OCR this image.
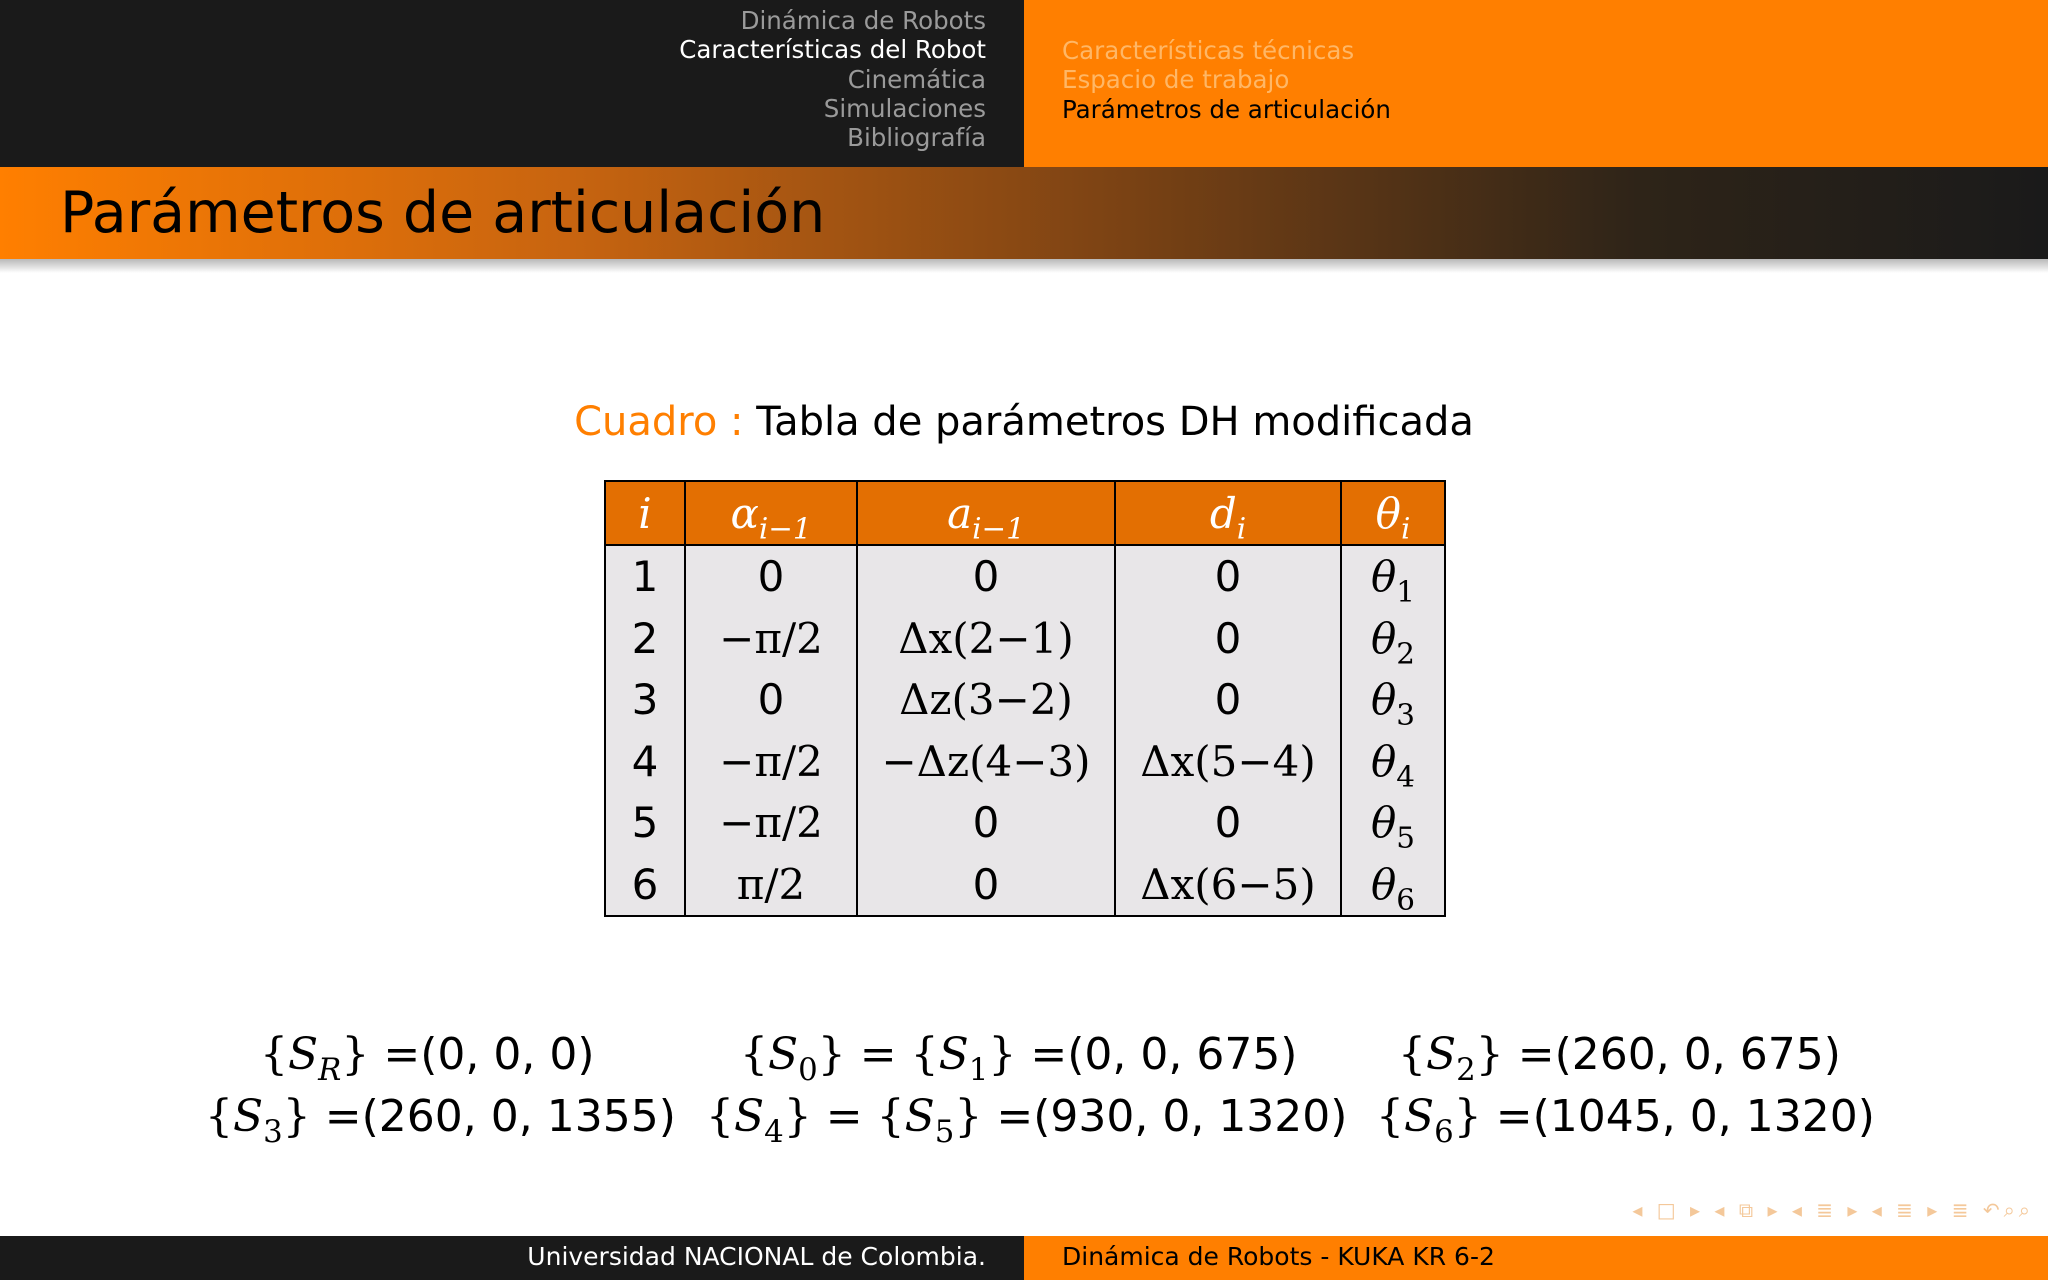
Dinámica de Robots
Características del Robot
Cinemática
Simulaciones
Bibliografía
Características técnicas
Espacio de trabajo
Parámetros de articulación
Parámetros de articulación
Cuadro : Tabla de parámetros DH modificada
i	$\alpha_{i-1}$	$a_{i-1}$	$d_i$	$\theta_i$
1	0	0	0	$\theta_1$
2	−π/2	Δx(2−1)	0	$\theta_2$
3	0	Δz(3−2)	0	$\theta_3$
4	−π/2	−Δz(4−3)	Δx(5−4)	$\theta_4$
5	−π/2	0	0	$\theta_5$
6	π/2	0	Δx(6−5)	$\theta_6$
$\{S_R\} =(0$, 0, 0)	$\{S_0\} = \{S_1\} =(0$, 0, 675) $\{S_2\} =(260$, 0, 675)
$\{S_3\} =(260$, 0, 1355) $\{S_4\} = \{S_5\} =(930$, 0, 1320) $\{S_6\} =(1045$, 0, 1320)
◂ □ ▸ ◂ ⧉ ▸ ◂ ≣ ▸ ◂ ≣ ▸ ≣ ↶⌕⌕
Universidad NACIONAL de Colombia.	Dinámica de Robots - KUKA KR 6-2
